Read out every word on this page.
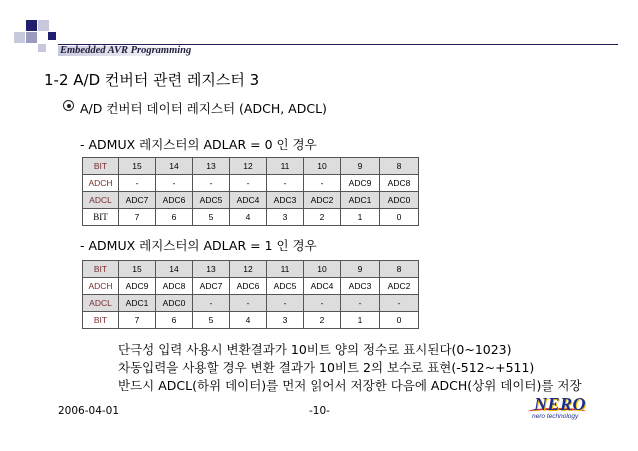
Embedded AVR Programming
1-2 A/D 컨버터 관련 레지스터 3
A/D 컨버터 데이터 레지스터 (ADCH, ADCL)
- ADMUX 레지스터의 ADLAR = 0 인 경우
BIT	15	14	13	12	11	10	9	8
ADCH	-	-	-	-	-	-	ADC9	ADC8
ADCL	ADC7	ADC6	ADC5	ADC4	ADC3	ADC2	ADC1	ADC0
BIT	7	6	5	4	3	2	1	0
- ADMUX 레지스터의 ADLAR = 1 인 경우
BIT	15	14	13	12	11	10	9	8
ADCH	ADC9	ADC8	ADC7	ADC6	ADC5	ADC4	ADC3	ADC2
ADCL	ADC1	ADC0	-	-	-	-	-	-
BIT	7	6	5	4	3	2	1	0
단극성 입력 사용시 변환결과가 10비트 양의 정수로 표시된다(0~1023)
차동입력을 사용할 경우 변환 결과가 10비트 2의 보수로 표현(-512~+511)
반드시 ADCL(하위 데이터)를 먼저 읽어서 저장한 다음에 ADCH(상위 데이터)를 저장
2006-04-01	-10-	NERO
nero technology
